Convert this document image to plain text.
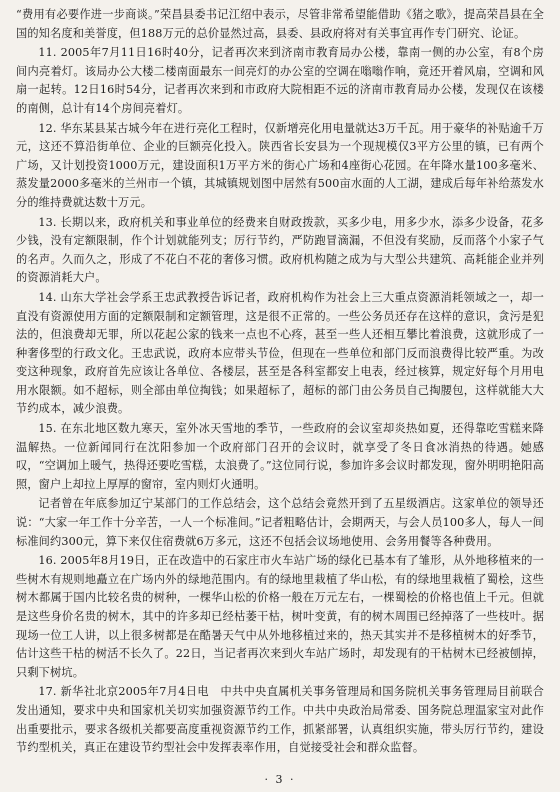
“费用有必要作进一步商谈。”荣昌县委书记江绍中表示，尽管非常希望能借助《猪之歌》，提高荣昌县在全国的知名度和美誉度，但188万元的总价显然过高，县委、县政府将对有关事宜再作专门研究、论证。

11. 2005年7月11日16时40分，记者再次来到济南市教育局办公楼，靠南一侧的办公室，有8个房间内亮着灯。该局办公大楼二楼南面最东一间亮灯的办公室的空调在嗡嗡作响，竟还开着风扇，空调和风扇一起转。12日16时54分，记者再次来到和市政府大院相距不远的济南市教育局办公楼，发现仅在该楼的南侧，总计有14个房间亮着灯。

12. 华东某县某古城今年在进行亮化工程时，仅新增亮化用电量就达3万千瓦。用于豪华的补贴逾千万元，这还不算沿街单位、企业的巨额亮化投入。陕西省长安县为一个现规模仅3平方公里的镇，已有两个广场，又计划投资1000万元，建设面积1万平方米的街心广场和4座街心花园。在年降水量100多毫米、蒸发量2000多毫米的兰州市一个镇，其城镇规划图中居然有500亩水面的人工湖，建成后每年补给蒸发水分的维持费就达数十万元。

13. 长期以来，政府机关和事业单位的经费来自财政拨款，买多少电，用多少水，添多少设备，花多少钱，没有定额限制，作个计划就能列支；厉行节约，严防跑冒滴漏，不但没有奖励，反而落个小家子气的名声。久而久之，形成了不花白不花的奢侈习惯。政府机构随之成为与大型公共建筑、高耗能企业并列的资源消耗大户。

14. 山东大学社会学系王忠武教授告诉记者，政府机构作为社会上三大重点资源消耗领域之一，却一直没有资源使用方面的定额限制和定额管理，这是很不正常的。一些公务员还存在这样的意识，贪污是犯法的，但浪费却无罪，所以花起公家的钱来一点也不心疼，甚至一些人还相互攀比着浪费，这就形成了一种奢侈型的行政文化。王忠武说，政府本应带头节俭，但现在一些单位和部门反而浪费得比较严重。为改变这种现象，政府首先应该让各单位、各楼层，甚至是各科室都安上电表，经过核算，规定好每个月用电用水限额。如不超标，则全部由单位掏钱；如果超标了，超标的部门由公务员自己掏腰包，这样就能大大节约成本，减少浪费。

15. 在东北地区数九寒天，室外冰天雪地的季节，一些政府的会议室却炎热如夏，还得靠吃雪糕来降温解热。一位新闻同行在沈阳参加一个政府部门召开的会议时，就享受了冬日食冰消热的待遇。她感叹，“空调加上暖气，热得还要吃雪糕，太浪费了。”这位同行说，参加许多会议时都发现，窗外明明艳阳高照，窗户上却拉上厚厚的窗帘，室内则灯火通明。

记者曾在年底参加辽宁某部门的工作总结会，这个总结会竟然开到了五星级酒店。这家单位的领导还说：“大家一年工作十分辛苦，一人一个标准间。”记者粗略估计，会期两天，与会人员100多人，每人一间标准间约300元，算下来仅住宿费就6万多元，这还不包括会议场地使用、会务用餐等各种费用。

16. 2005年8月19日，正在改造中的石家庄市火车站广场的绿化已基本有了雏形，从外地移植来的一些树木有规则地矗立在广场内外的绿地范围内。有的绿地里栽植了华山松，有的绿地里栽植了蜀桧，这些树木都属于国内比较名贵的树种，一棵华山松的价格一般在万元左右，一棵蜀桧的价格也值上千元。但就是这些身价名贵的树木，其中的许多却已经枯萎干枯，树叶变黄，有的树木周围已经掉落了一些枝叶。据现场一位工人讲，以上很多树都是在酷暑天气中从外地移植过来的，热天其实并不是移植树木的好季节，估计这些干枯的树活不长久了。22日，当记者再次来到火车站广场时，却发现有的干枯树木已经被刨掉，只剩下树坑。

17. 新华社北京2005年7月4日电　中共中央直属机关事务管理局和国务院机关事务管理局目前联合发出通知，要求中央和国家机关切实加强资源节约工作。中共中央政治局常委、国务院总理温家宝对此作出重要批示，要求各级机关都要高度重视资源节约工作，抓紧部署，认真组织实施，带头厉行节约，建设节约型机关，真正在建设节约型社会中发挥表率作用，自觉接受社会和群众监督。

· 3 ·
